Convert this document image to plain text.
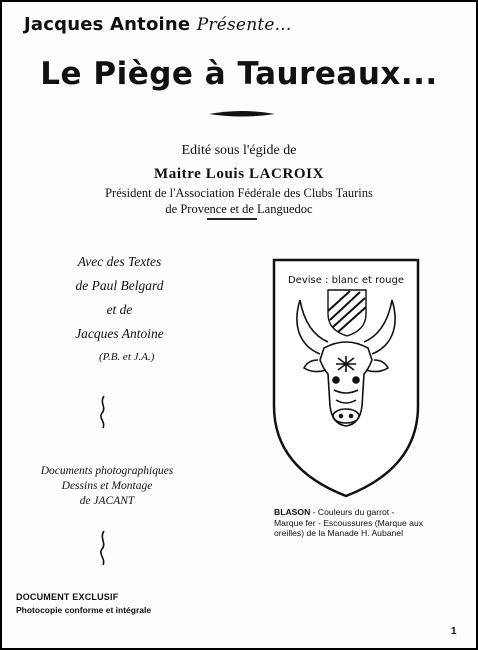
Jacques Antoine Présente...
Le Piège à Taureaux...
Edité sous l'égide de
Maitre Louis LACROIX
Président de l'Association Fédérale des Clubs Taurins
de Provence et de Languedoc
Avec des Textes
de Paul Belgard
et de
Jacques Antoine
(P.B. et J.A.)
Documents photographiques
Dessins et Montage
de JACANT
DOCUMENT EXCLUSIF
Photocopie conforme et intégrale
Devise : blanc et rouge
BLASON - Couleurs du garrot - Marque fer - Escoussures (Marque aux oreilles) de la Manade H. Aubanel
1
